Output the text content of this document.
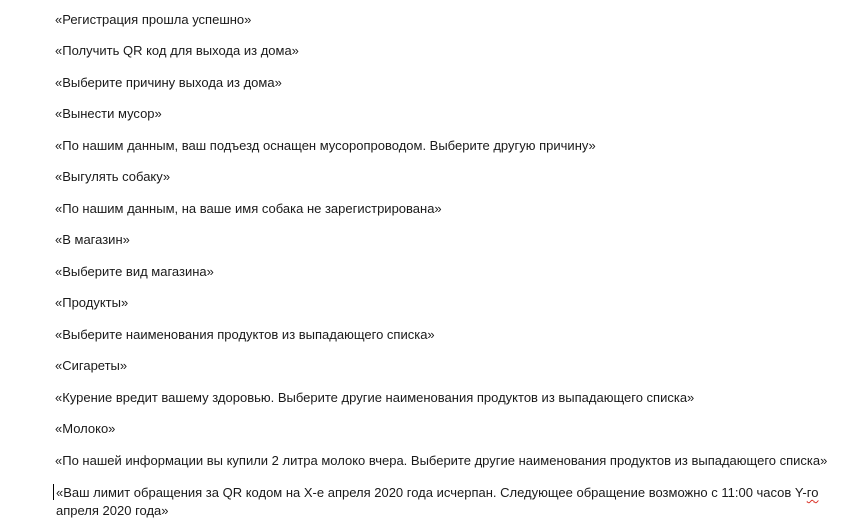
«Регистрация прошла успешно»

«Получить QR код для выхода из дома»

«Выберите причину выхода из дома»

«Вынести мусор»

«По нашим данным, ваш подъезд оснащен мусоропроводом. Выберите другую причину»

«Выгулять собаку»

«По нашим данным, на ваше имя собака не зарегистрирована»

«В магазин»

«Выберите вид магазина»

«Продукты»

«Выберите наименования продуктов из выпадающего списка»

«Сигареты»

«Курение вредит вашему здоровью. Выберите другие наименования продуктов из выпадающего списка»

«Молоко»

«По нашей информации вы купили 2 литра молоко вчера. Выберите другие наименования продуктов из выпадающего списка»

«Ваш лимит обращения за QR кодом на X-е апреля 2020 года исчерпан. Следующее обращение возможно с 11:00 часов Y-го апреля 2020 года»
